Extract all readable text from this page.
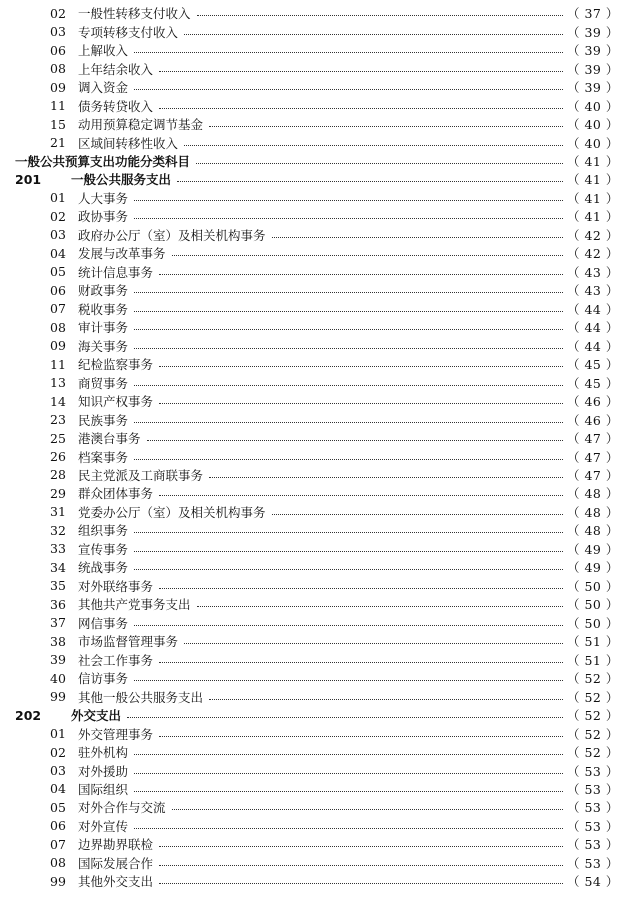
02 一般性转移支付收入	（ 37 ）
03 专项转移支付收入	（ 39 ）
06 上解收入	（ 39 ）
08 上年结余收入	（ 39 ）
09 调入资金	（ 39 ）
11 债务转贷收入	（ 40 ）
15 动用预算稳定调节基金	（ 40 ）
21 区域间转移性收入	（ 40 ）
一般公共预算支出功能分类科目	（ 41 ）
201	一般公共服务支出	（ 41 ）
01 人大事务	（ 41 ）
02 政协事务	（ 41 ）
03 政府办公厅（室）及相关机构事务	（ 42 ）
04 发展与改革事务	（ 42 ）
05 统计信息事务	（ 43 ）
06 财政事务	（ 43 ）
07 税收事务	（ 44 ）
08 审计事务	（ 44 ）
09 海关事务	（ 44 ）
11 纪检监察事务	（ 45 ）
13 商贸事务	（ 45 ）
14 知识产权事务	（ 46 ）
23 民族事务	（ 46 ）
25 港澳台事务	（ 47 ）
26 档案事务	（ 47 ）
28 民主党派及工商联事务	（ 47 ）
29 群众团体事务	（ 48 ）
31 党委办公厅（室）及相关机构事务	（ 48 ）
32 组织事务	（ 48 ）
33 宣传事务	（ 49 ）
34 统战事务	（ 49 ）
35 对外联络事务	（ 50 ）
36 其他共产党事务支出	（ 50 ）
37 网信事务	（ 50 ）
38 市场监督管理事务	（ 51 ）
39 社会工作事务	（ 51 ）
40 信访事务	（ 52 ）
99 其他一般公共服务支出	（ 52 ）
202	外交支出	（ 52 ）
01 外交管理事务	（ 52 ）
02 驻外机构	（ 52 ）
03 对外援助	（ 53 ）
04 国际组织	（ 53 ）
05 对外合作与交流	（ 53 ）
06 对外宣传	（ 53 ）
07 边界勘界联检	（ 53 ）
08 国际发展合作	（ 53 ）
99 其他外交支出	（ 54 ）
